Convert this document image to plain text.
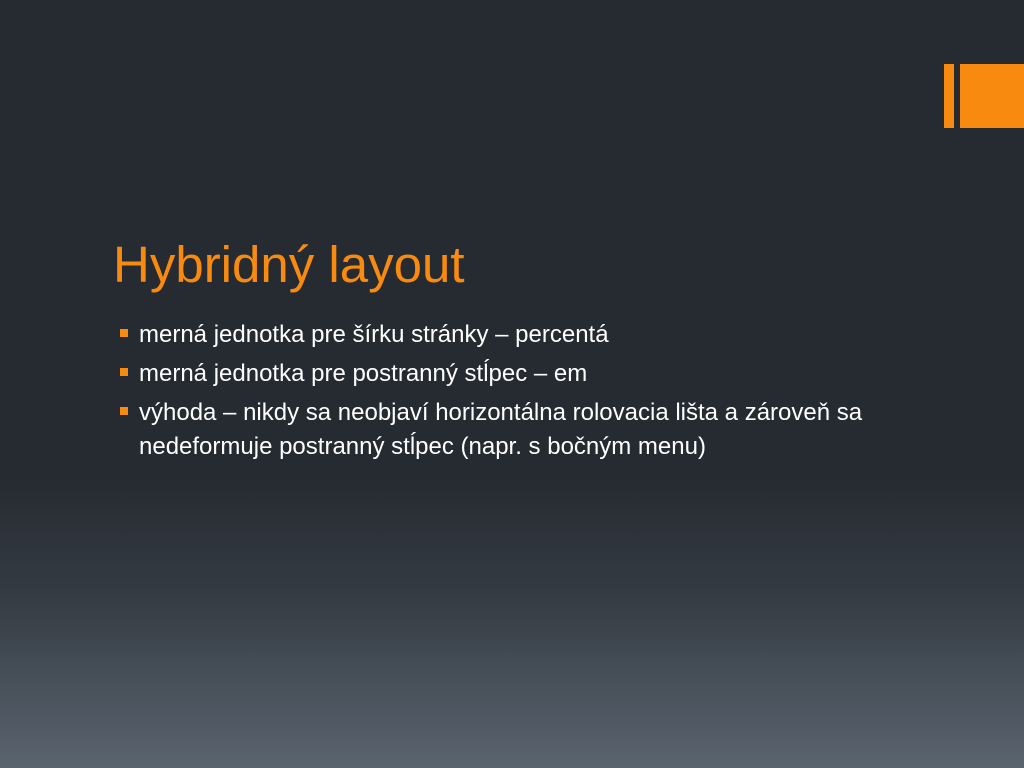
Hybridný layout
merná jednotka pre šírku stránky – percentá
merná jednotka pre postranný stĺpec – em
výhoda – nikdy sa neobjaví horizontálna rolovacia lišta a zároveň sa nedeformuje postranný stĺpec (napr. s bočným menu)
